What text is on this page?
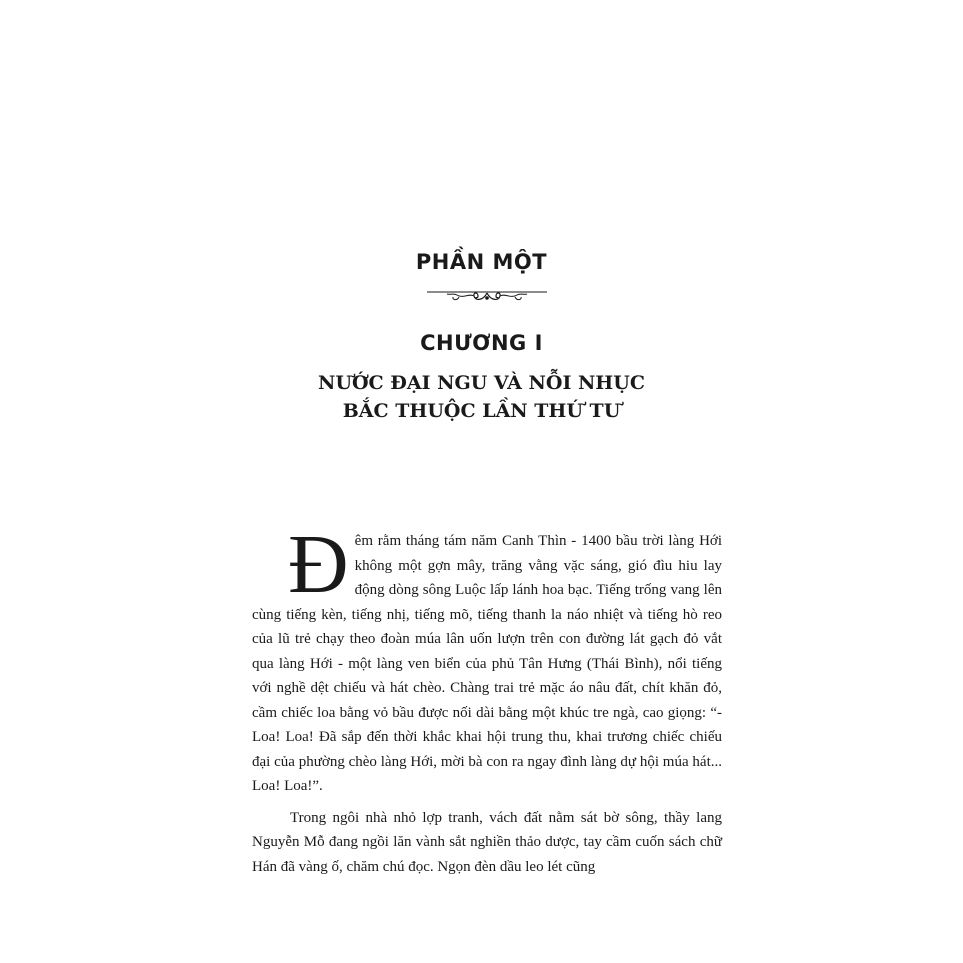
PHẦN MỘT
CHƯƠNG I
NƯỚC ĐẠI NGU VÀ NỖI NHỤC
BẮC THUỘC LẦN THỨ TƯ

Đêm rằm tháng tám năm Canh Thìn - 1400 bầu trời làng Hới không một gợn mây, trăng vằng vặc sáng, gió đìu hiu lay động dòng sông Luộc lấp lánh hoa bạc. Tiếng trống vang lên cùng tiếng kèn, tiếng nhị, tiếng mõ, tiếng thanh la náo nhiệt và tiếng hò reo của lũ trẻ chạy theo đoàn múa lân uốn lượn trên con đường lát gạch đỏ vắt qua làng Hới - một làng ven biển của phủ Tân Hưng (Thái Bình), nổi tiếng với nghề dệt chiếu và hát chèo. Chàng trai trẻ mặc áo nâu đất, chít khăn đỏ, cầm chiếc loa bằng vỏ bầu được nối dài bằng một khúc tre ngà, cao giọng: “- Loa! Loa! Đã sắp đến thời khắc khai hội trung thu, khai trương chiếc chiếu đại của phường chèo làng Hới, mời bà con ra ngay đình làng dự hội múa hát... Loa! Loa!”.

Trong ngôi nhà nhỏ lợp tranh, vách đất nằm sát bờ sông, thầy lang Nguyễn Mỗ đang ngồi lăn vành sắt nghiền thảo dược, tay cầm cuốn sách chữ Hán đã vàng ố, chăm chú đọc. Ngọn đèn dầu leo lét cũng
